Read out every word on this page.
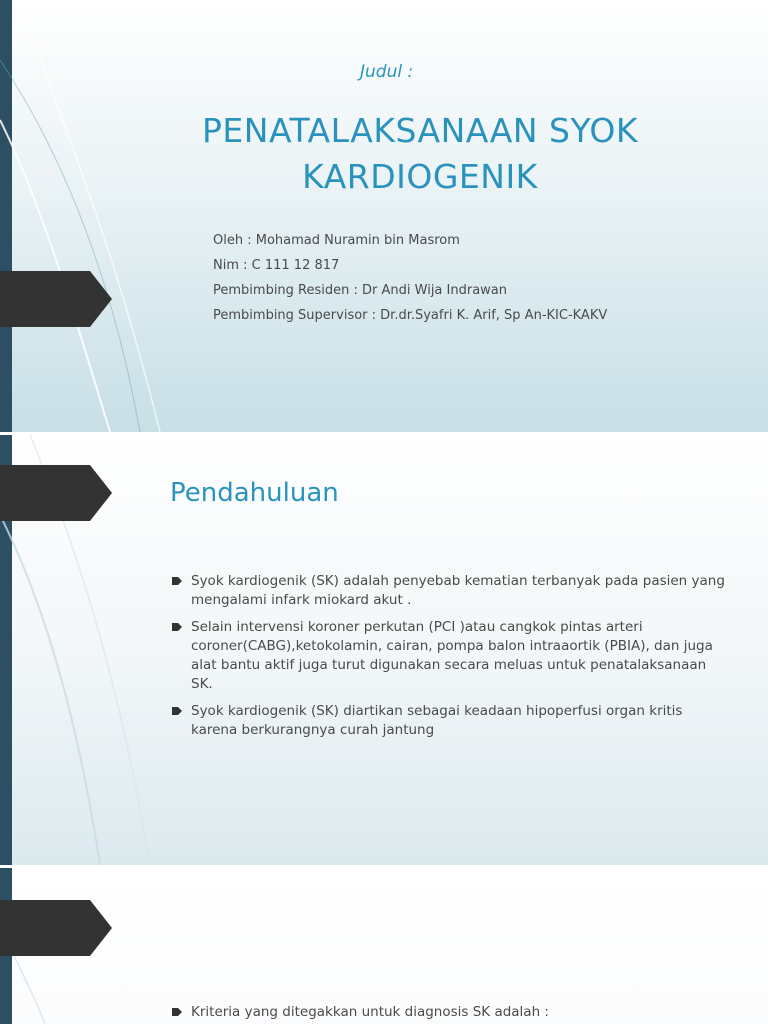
Judul :
PENATALAKSANAAN SYOK KARDIOGENIK
Oleh : Mohamad Nuramin bin Masrom
Nim : C 111 12 817
Pembimbing Residen : Dr Andi Wija Indrawan
Pembimbing Supervisor : Dr.dr.Syafri K. Arif, Sp An-KIC-KAKV
Pendahuluan
Syok kardiogenik (SK) adalah penyebab kematian terbanyak pada pasien yang mengalami infark miokard akut .
Selain intervensi koroner perkutan (PCI )atau cangkok pintas arteri coroner(CABG),ketokolamin, cairan, pompa balon intraaortik (PBIA), dan juga alat bantu aktif juga turut digunakan secara meluas untuk penatalaksanaan SK.
Syok kardiogenik (SK) diartikan sebagai keadaan hipoperfusi organ kritis karena berkurangnya curah jantung
Kriteria yang ditegakkan untuk diagnosis SK adalah :
